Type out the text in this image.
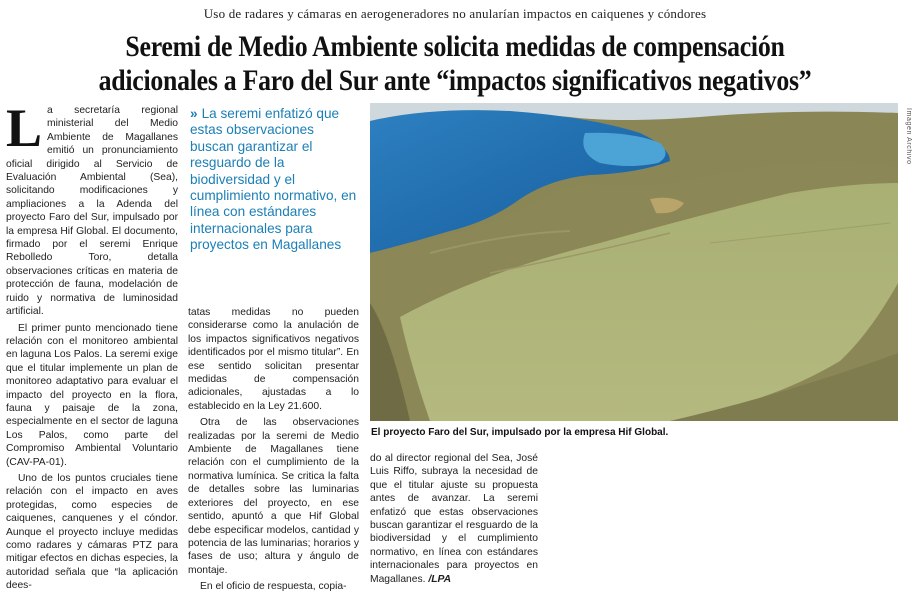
Uso de radares y cámaras en aerogeneradores no anularían impactos en caiquenes y cóndores
Seremi de Medio Ambiente solicita medidas de compensación
adicionales a Faro del Sur ante “impactos significativos negativos”
L a secretaría regional ministerial del Medio Ambiente de Magallanes emitió un pronunciamiento oficial dirigido al Servicio de Evaluación Ambiental (Sea), solicitando modificaciones y ampliaciones a la Adenda del proyecto Faro del Sur, impulsado por la empresa Hif Global. El documento, firmado por el seremi Enrique Rebolledo Toro, detalla observaciones críticas en materia de protección de fauna, modelación de ruido y normativa de luminosidad artificial.

El primer punto mencionado tiene relación con el monitoreo ambiental en laguna Los Palos. La seremi exige que el titular implemente un plan de monitoreo adaptativo para evaluar el impacto del proyecto en la flora, fauna y paisaje de la zona, especialmente en el sector de laguna Los Palos, como parte del Compromiso Ambiental Voluntario (CAV-PA-01).

Uno de los puntos cruciales tiene relación con el impacto en aves protegidas, como especies de caiquenes, canquenes y el cóndor. Aunque el proyecto incluye medidas como radares y cámaras PTZ para mitigar efectos en dichas especies, la autoridad señala que “la aplicación dees-

» La seremi enfatizó que estas observaciones buscan garantizar el resguardo de la biodiversidad y el cumplimiento normativo, en línea con estándares internacionales para proyectos en Magallanes

tatas medidas no pueden considerarse como la anulación de los impactos significativos negativos identificados por el mismo titular”. En ese sentido solicitan presentar medidas de compensación adicionales, ajustadas a lo establecido en la Ley 21.600.

Otra de las observaciones realizadas por la seremi de Medio Ambiente de Magallanes tiene relación con el cumplimiento de la normativa lumínica. Se critica la falta de detalles sobre las luminarias exteriores del proyecto, en ese sentido, apuntó a que Hif Global debe especificar modelos, cantidad y potencia de las luminarias; horarios y fases de uso; altura y ángulo de montaje.

En el oficio de respuesta, copia-

Imagen Archivo
El proyecto Faro del Sur, impulsado por la empresa Hif Global.

do al director regional del Sea, José Luis Riffo, subraya la necesidad de que el titular ajuste su propuesta antes de avanzar. La seremi enfatizó que estas observaciones buscan garantizar el resguardo de la biodiversidad y el cumplimiento normativo, en línea con estándares internacionales para proyectos en Magallanes. /LPA
